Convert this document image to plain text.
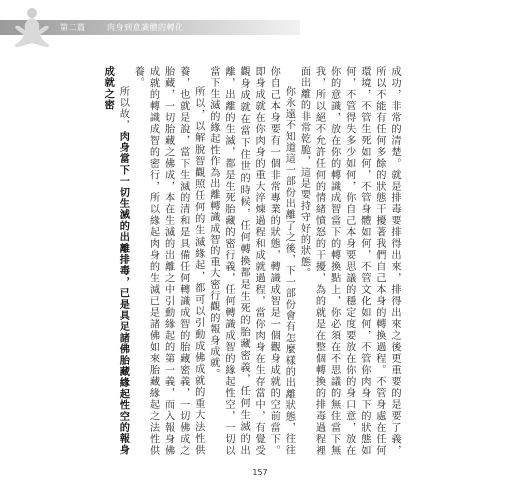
第二篇	肉身到意識體的轉化

成功，非常的清楚。就是排毒要排得出來，排得出來之後更重要的是要了義，所以不能有任何多餘的狀態干擾著我們自己本身的轉換過程。不管身處在任何環境，不管生死如何，不管身體如何，不管文化如何，不管你肉身下的狀態如何，不管得失多少如何，你自己本身要思議的穩定度要放在你的身口意，放在你的意識，放在你的轉識成智當下的轉換點上，你必須在不思議的無住當下無我，所以絕不允許任何的情緒憤怒的干擾，為的就是在整個轉換的排毒過程裡面出離的非常乾脆，這是要持守好的狀態。

你永遠不知道這一部份出離了之後，下一部份會有怎麼樣的出離狀態，往往你自己本身要有一個非常專業的狀態，轉識成智是一個觀身成就的空前當下。即身成就在你肉身的重大淬煉過程和成就過程，當你肉身在生存當中，有覺受觀身成就在當下住世的時候，任何轉換都是生死的胎藏密義，任何生滅的出離，出離的生滅，都是生死胎藏的密行義，任何轉識成智的緣起性空，一切以當下生滅的緣起性作為出離轉識成智的重大密行觀的報身成就。

所以，以解脫智觀照任何的生滅緣起，都可以引動成佛成就的重大法性供養，也就是說，當下生滅的清和是具備任何轉識成智的胎藏密義，一切佛成之胎藏，一切胎藏之佛成，本在生滅的出離之中引動緣起的第一義，而入報身佛成就的轉識成智的密行，所以緣起肉身的生滅已是諸佛如來胎藏緣起之法性供養。

所以故，肉身當下一切生滅的出離排毒，已是具足諸佛胎藏緣起性空的報身成就之密

157
